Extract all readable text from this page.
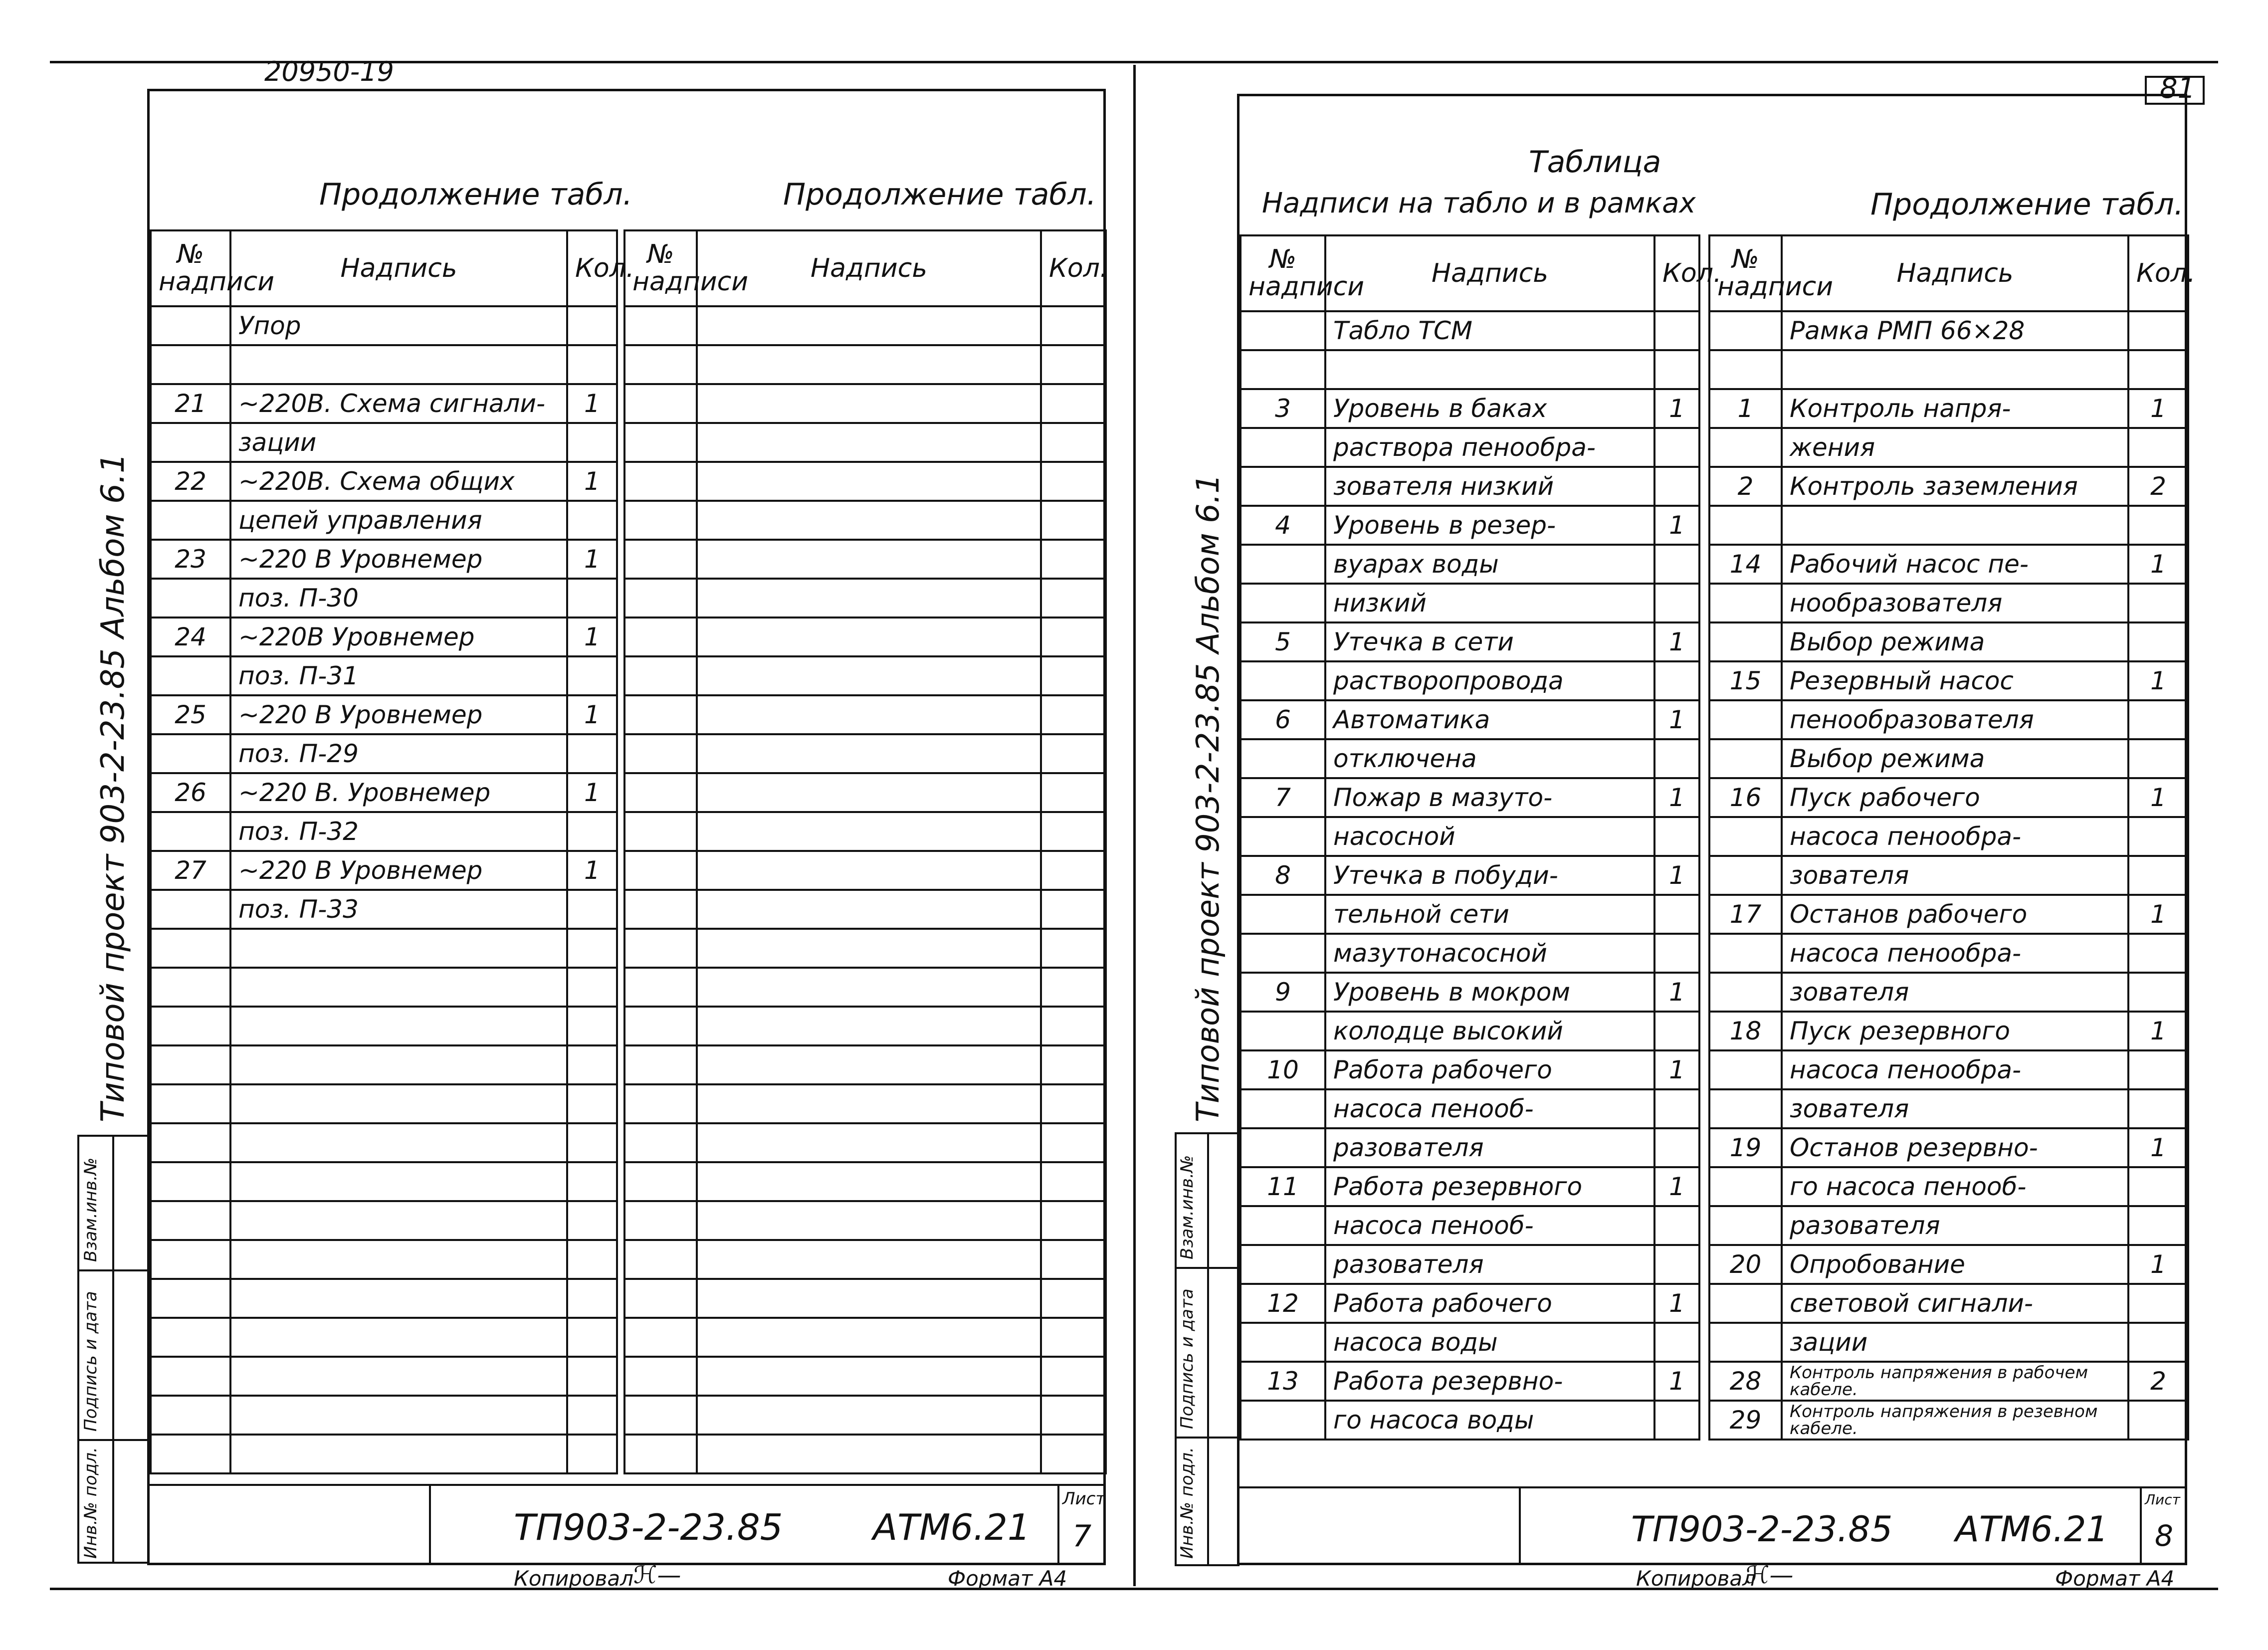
20950-19
Продолжение табл.	Продолжение табл.
Типовой проект 903-2-23.85 Альбом 6.1
Взам.инв.№
Подпись и дата
Инв.№ подл.
№ надписи	Надпись	Кол.
	Упор	

21	~220В. Схема сигнали-	1
	зации	
22	~220В. Схема общих	1
	цепей управления	
23	~220 В Уровнемер	1
	поз. П-30	
24	~220В Уровнемер	1
	поз. П-31	
25	~220 В Уровнемер	1
	поз. П-29	
26	~220 В. Уровнемер	1
	поз. П-32	
27	~220 В Уровнемер	1
	поз. П-33	

№ надписи	Надпись	Кол.

ТП903-2-23.85	АТМ6.21
Лист
7
Копировал ℋ—	Формат А4
81
Таблица
Надписи на табло и в рамках	Продолжение табл.
Типовой проект 903-2-23.85 Альбом 6.1
Взам.инв.№
Подпись и дата
Инв.№ подл.
№ надписи	Надпись	Кол.
	Табло ТСМ	

3	Уровень в баках	1
	раствора пенообра-	
	зователя низкий	
4	Уровень в резер-	1
	вуарах воды	
	низкий	
5	Утечка в сети	1
	растворопровода	
6	Автоматика	1
	отключена	
7	Пожар в мазуто-	1
	насосной	
8	Утечка в побуди-	1
	тельной сети	
	мазутонасосной	
9	Уровень в мокром	1
	колодце высокий	
10	Работа рабочего	1
	насоса пенооб-	
	разователя	
11	Работа резервного	1
	насоса пенооб-	
	разователя	
12	Работа рабочего	1
	насоса воды	
13	Работа резервно-	1
	го насоса воды	
№ надписи	Надпись	Кол.
	Рамка РМП 66×28	

1	Контроль напря-	1
	жения	
2	Контроль заземления	2

14	Рабочий насос пе-	1
	нообразователя	
	Выбор режима	
15	Резервный насос	1
	пенообразователя	
	Выбор режима	
16	Пуск рабочего	1
	насоса пенообра-	
	зователя	
17	Останов рабочего	1
	насоса пенообра-	
	зователя	
18	Пуск резервного	1
	насоса пенообра-	
	зователя	
19	Останов резервно-	1
	го насоса пенооб-	
	разователя	
20	Опробование	1
	световой сигнали-	
	зации	
28	Контроль напряжения в рабочем кабеле.	2
29	Контроль напряжения в резевном кабеле.	
ТП903-2-23.85 АТМ6.21
Лист
8
Копировал
ℋ—	Формат А4
